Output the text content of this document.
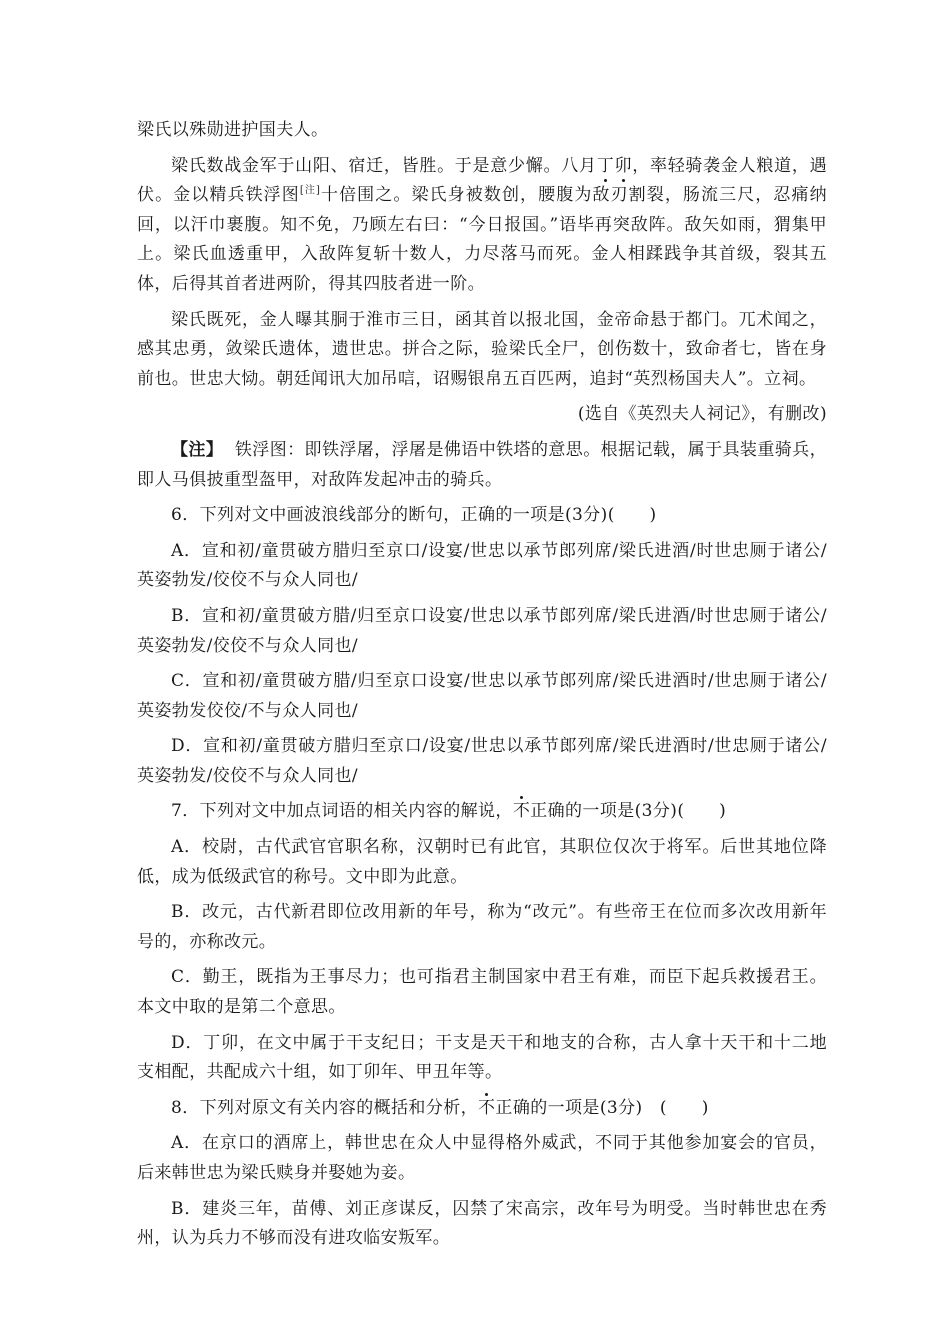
梁氏以殊勋进护国夫人。

梁氏数战金军于山阳、宿迁，皆胜。于是意少懈。八月丁卯，率轻骑袭金人粮道，遇伏。金以精兵铁浮图[注]十倍围之。梁氏身被数创，腰腹为敌刃割裂，肠流三尺，忍痛纳回，以汗巾裹腹。知不免，乃顾左右曰：“今日报国。”语毕再突敌阵。敌矢如雨，猬集甲上。梁氏血透重甲，入敌阵复斩十数人，力尽落马而死。金人相蹂践争其首级，裂其五体，后得其首者进两阶，得其四肢者进一阶。

梁氏既死，金人曝其胴于淮市三日，函其首以报北国，金帝命悬于都门。兀术闻之，感其忠勇，敛梁氏遗体，遗世忠。拼合之际，验梁氏全尸，创伤数十，致命者七，皆在身前也。世忠大恸。朝廷闻讯大加吊唁，诏赐银帛五百匹两，追封“英烈杨国夫人”。立祠。

(选自《英烈夫人祠记》，有删改)

【注】 铁浮图：即铁浮屠，浮屠是佛语中铁塔的意思。根据记载，属于具装重骑兵，即人马俱披重型盔甲，对敌阵发起冲击的骑兵。

6．下列对文中画波浪线部分的断句，正确的一项是(3分)(　　)

A．宣和初/童贯破方腊归至京口/设宴/世忠以承节郎列席/梁氏进酒/时世忠厕于诸公/英姿勃发/佼佼不与众人同也/

B．宣和初/童贯破方腊/归至京口设宴/世忠以承节郎列席/梁氏进酒/时世忠厕于诸公/英姿勃发/佼佼不与众人同也/

C．宣和初/童贯破方腊/归至京口设宴/世忠以承节郎列席/梁氏进酒时/世忠厕于诸公/英姿勃发佼佼/不与众人同也/

D．宣和初/童贯破方腊归至京口/设宴/世忠以承节郎列席/梁氏进酒时/世忠厕于诸公/英姿勃发/佼佼不与众人同也/

7．下列对文中加点词语的相关内容的解说，不正确的一项是(3分)(　　)

A．校尉，古代武官官职名称，汉朝时已有此官，其职位仅次于将军。后世其地位降低，成为低级武官的称号。文中即为此意。

B．改元，古代新君即位改用新的年号，称为“改元”。有些帝王在位而多次改用新年号的，亦称改元。

C．勤王，既指为王事尽力；也可指君主制国家中君王有难，而臣下起兵救援君王。本文中取的是第二个意思。

D．丁卯，在文中属于干支纪日；干支是天干和地支的合称，古人拿十天干和十二地支相配，共配成六十组，如丁卯年、甲丑年等。

8．下列对原文有关内容的概括和分析，不正确的一项是(3分)　(　　)

A．在京口的酒席上，韩世忠在众人中显得格外威武，不同于其他参加宴会的官员，后来韩世忠为梁氏赎身并娶她为妾。

B．建炎三年，苗傅、刘正彦谋反，囚禁了宋高宗，改年号为明受。当时韩世忠在秀州，认为兵力不够而没有进攻临安叛军。
